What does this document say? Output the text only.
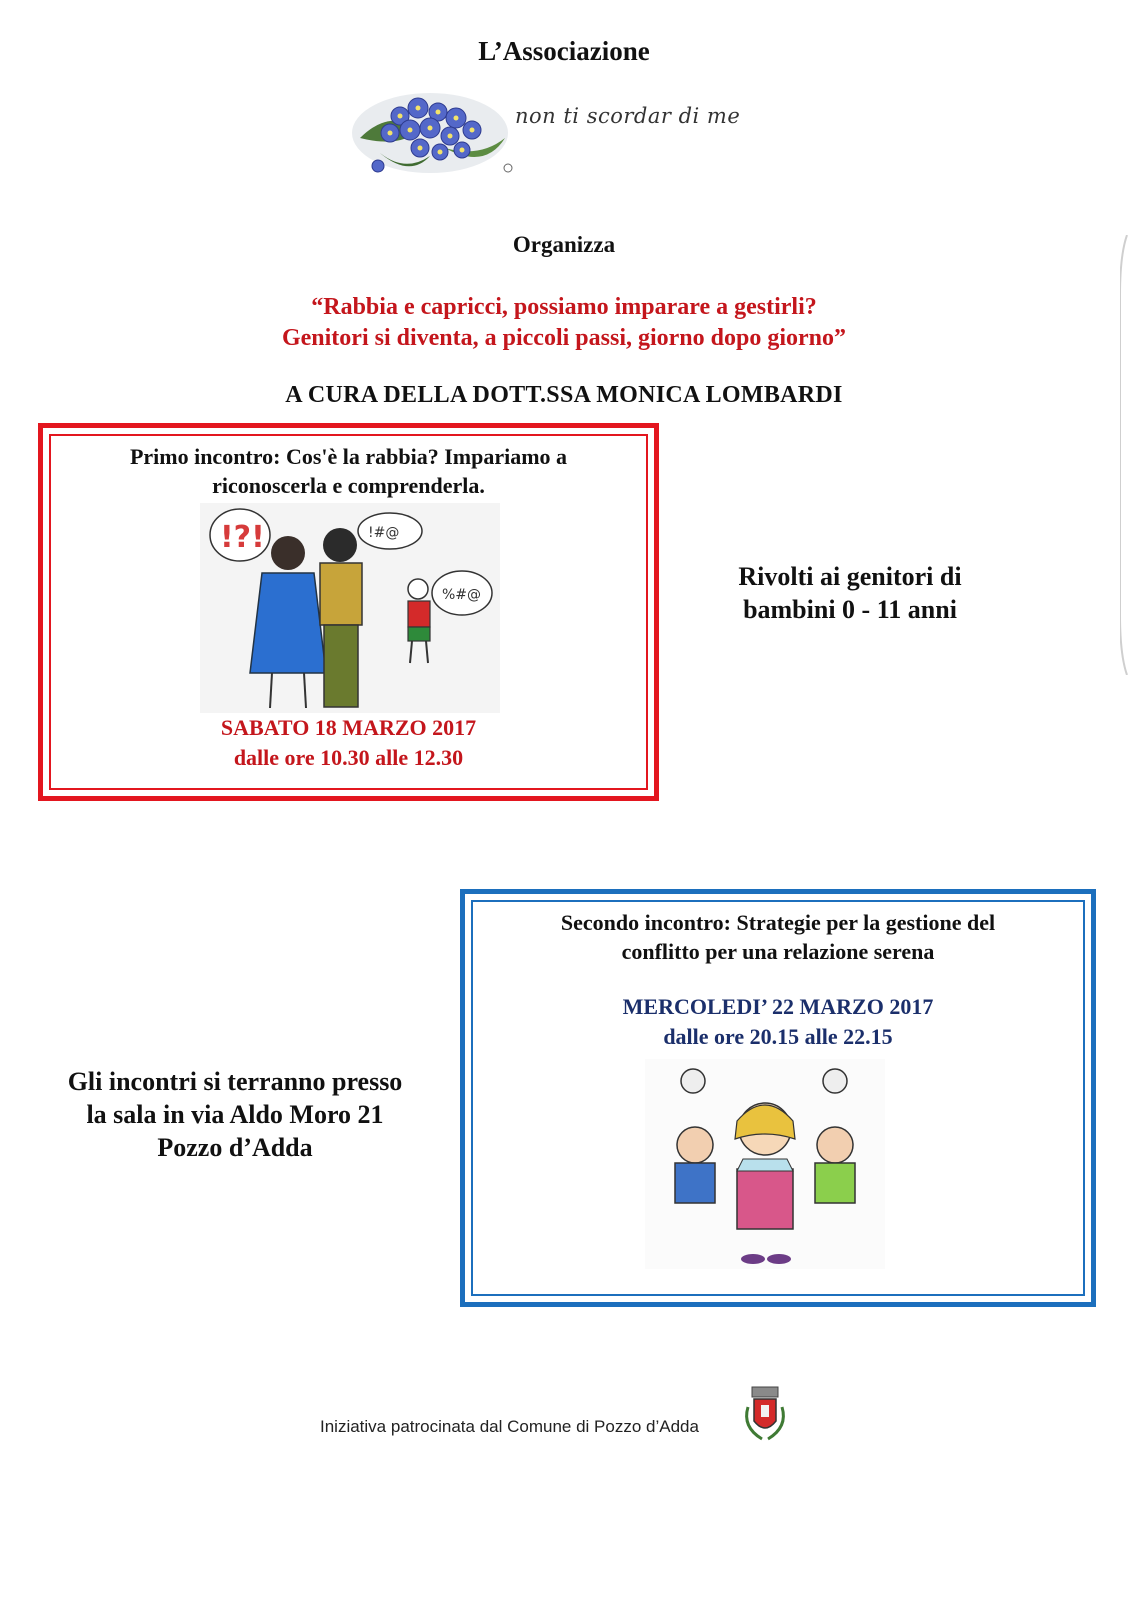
L’Associazione
non ti scordar di me
Organizza
“Rabbia e capricci, possiamo imparare a gestirli?
Genitori si diventa, a piccoli passi, giorno dopo giorno”
A CURA DELLA DOTT.SSA MONICA LOMBARDI
Primo incontro: Cos'è la rabbia? Impariamo a
riconoscerla e comprenderla.
!?!	!#@
%#@
SABATO 18 MARZO 2017
dalle ore 10.30 alle 12.30
Rivolti ai genitori di
bambini 0 - 11 anni
Secondo incontro: Strategie per la gestione del
conflitto per una relazione serena
MERCOLEDI’ 22 MARZO 2017
dalle ore 20.15 alle 22.15
Gli incontri si terranno presso
la sala in via Aldo Moro 21
Pozzo d’Adda
Iniziativa patrocinata dal Comune di Pozzo d’Adda
